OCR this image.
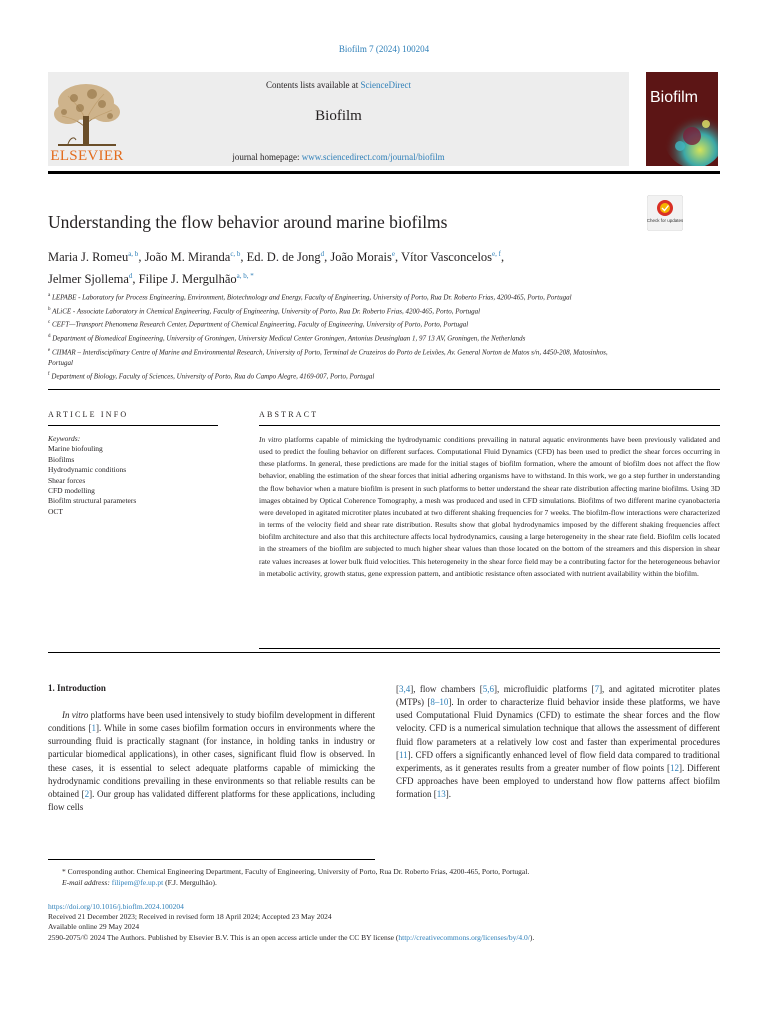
Biofilm 7 (2024) 100204
Contents lists available at ScienceDirect
Biofilm
journal homepage: www.sciencedirect.com/journal/biofilm
ELSEVIER
Biofilm
Understanding the flow behavior around marine biofilms	Check for updates
Maria J. Romeu$^{a, b}$, João M. Miranda$^{c, b}$, Ed. D. de Jong$^d$, João Morais$^e$, Vítor Vasconcelos$^{e, f}$,
Jelmer Sjollema$^d$, Filipe J. Mergulhão$^{a, b, *}$
$^a$ LEPABE - Laboratory for Process Engineering, Environment, Biotechnology and Energy, Faculty of Engineering, University of Porto, Rua Dr. Roberto Frias, 4200-465, Porto, Portugal
$^b$ ALiCE - Associate Laboratory in Chemical Engineering, Faculty of Engineering, University of Porto, Rua Dr. Roberto Frias, 4200-465, Porto, Portugal
$^c$ CEFT—Transport Phenomena Research Center, Department of Chemical Engineering, Faculty of Engineering, University of Porto, Porto, Portugal
$^d$ Department of Biomedical Engineering, University of Groningen, University Medical Center Groningen, Antonius Deusinglaan 1, 97 13 AV, Groningen, the Netherlands
$^e$ CIIMAR – Interdisciplinary Centre of Marine and Environmental Research, University of Porto, Terminal de Cruzeiros do Porto de Leixões, Av. General Norton de Matos s/n, 4450-208, Matosinhos, Portugal
$^f$ Department of Biology, Faculty of Sciences, University of Porto, Rua do Campo Alegre, 4169-007, Porto, Portugal
ARTICLE INFO	ABSTRACT
Keywords:
Marine biofouling
Biofilms
Hydrodynamic conditions
Shear forces
CFD modelling
Biofilm structural parameters
OCT
In vitro platforms capable of mimicking the hydrodynamic conditions prevailing in natural aquatic environments have been previously validated and used to predict the fouling behavior on different surfaces. Computational Fluid Dynamics (CFD) has been used to predict the shear forces occurring in these platforms. In general, these predictions are made for the initial stages of biofilm formation, where the amount of biofilm does not affect the flow behavior, enabling the estimation of the shear forces that initial adhering organisms have to withstand. In this work, we go a step further in understanding the flow behavior when a mature biofilm is present in such platforms to better understand the shear rate distribution affecting marine biofilms. Using 3D images obtained by Optical Coherence Tomography, a mesh was produced and used in CFD simulations. Biofilms of two different marine cyanobacteria were developed in agitated microtiter plates incubated at two different shaking frequencies for 7 weeks. The biofilm-flow interactions were characterized in terms of the velocity field and shear rate distribution. Results show that global hydrodynamics imposed by the different shaking frequencies affect biofilm architecture and also that this architecture affects local hydrodynamics, causing a large heterogeneity in the shear rate field. Biofilm cells located in the streamers of the biofilm are subjected to much higher shear values than those located on the bottom of the streamers and this dispersion in shear rate values increases at lower bulk fluid velocities. This heterogeneity in the shear force field may be a contributing factor for the heterogeneous behavior in metabolic activity, growth status, gene expression pattern, and antibiotic resistance often associated with nutrient availability within the biofilm.
1. Introduction
In vitro platforms have been used intensively to study biofilm development in different conditions [1]. While in some cases biofilm formation occurs in environments where the surrounding fluid is practically stagnant (for instance, in holding tanks in industry or particular biomedical applications), in other cases, significant fluid flow is observed. In these cases, it is essential to select adequate platforms capable of mimicking the hydrodynamic conditions prevailing in these environments so that reliable results can be obtained [2]. Our group has validated different platforms for these applications, including flow cells
[3,4], flow chambers [5,6], microfluidic platforms [7], and agitated microtiter plates (MTPs) [8–10]. In order to characterize fluid behavior inside these platforms, we have used Computational Fluid Dynamics (CFD) to estimate the shear forces and the flow velocity. CFD is a numerical simulation technique that allows the assessment of different fluid flow parameters at a relatively low cost and faster than experimental procedures [11]. CFD offers a significantly enhanced level of flow field data compared to traditional experiments, as it generates results from a greater number of flow points [12]. Different CFD approaches have been employed to understand how flow patterns affect biofilm formation [13].
* Corresponding author. Chemical Engineering Department, Faculty of Engineering, University of Porto, Rua Dr. Roberto Frias, 4200-465, Porto, Portugal.
E-mail address: filipem@fe.up.pt (F.J. Mergulhão).
https://doi.org/10.1016/j.bioflm.2024.100204
Received 21 December 2023; Received in revised form 18 April 2024; Accepted 23 May 2024
Available online 29 May 2024
2590-2075/© 2024 The Authors. Published by Elsevier B.V. This is an open access article under the CC BY license (http://creativecommons.org/licenses/by/4.0/).
